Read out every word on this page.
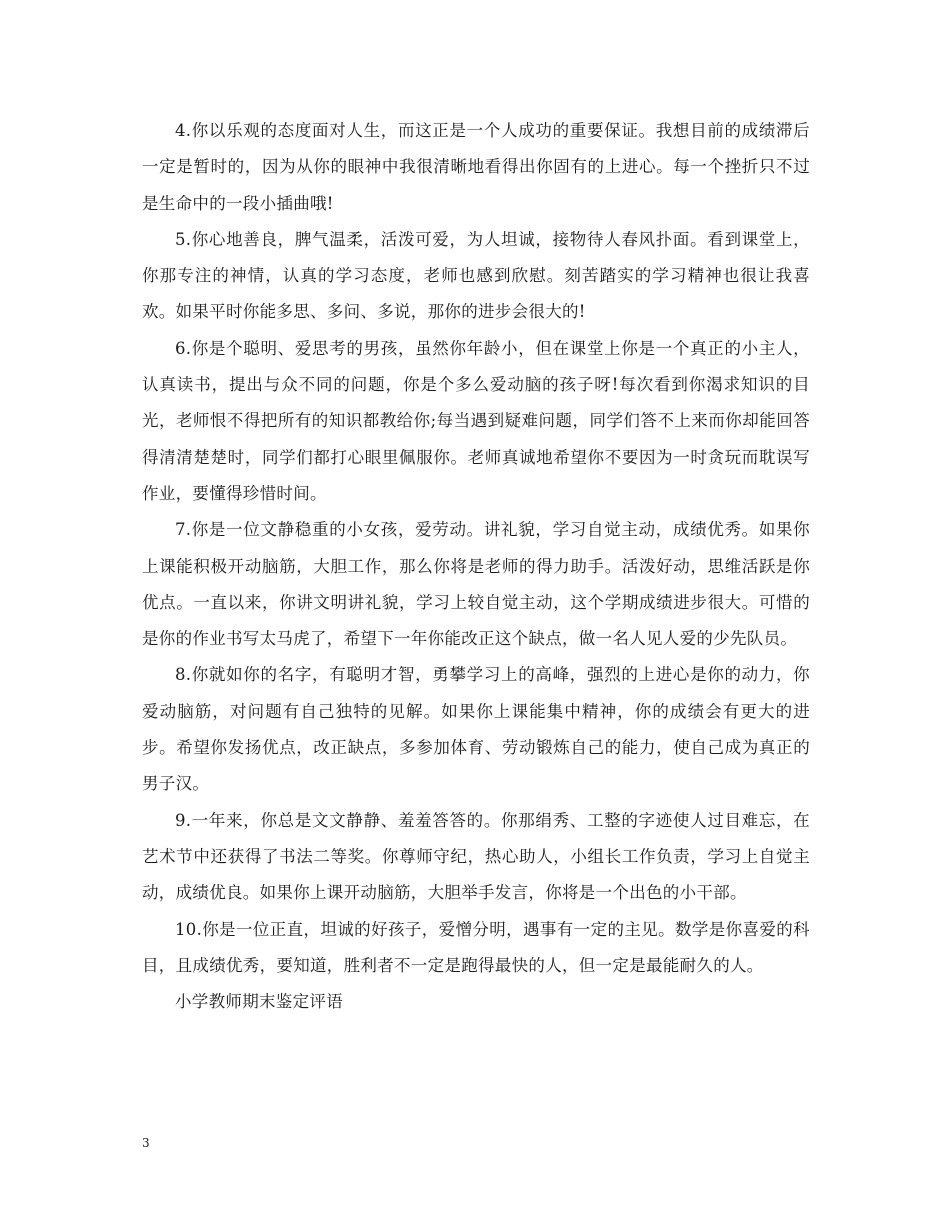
4.你以乐观的态度面对人生，而这正是一个人成功的重要保证。我想目前的成绩滞后一定是暂时的，因为从你的眼神中我很清晰地看得出你固有的上进心。每一个挫折只不过是生命中的一段小插曲哦!

5.你心地善良，脾气温柔，活泼可爱，为人坦诚，接物待人春风扑面。看到课堂上，你那专注的神情，认真的学习态度，老师也感到欣慰。刻苦踏实的学习精神也很让我喜欢。如果平时你能多思、多问、多说，那你的进步会很大的!

6.你是个聪明、爱思考的男孩，虽然你年龄小，但在课堂上你是一个真正的小主人，认真读书，提出与众不同的问题，你是个多么爱动脑的孩子呀!每次看到你渴求知识的目光，老师恨不得把所有的知识都教给你;每当遇到疑难问题，同学们答不上来而你却能回答得清清楚楚时，同学们都打心眼里佩服你。老师真诚地希望你不要因为一时贪玩而耽误写作业，要懂得珍惜时间。

7.你是一位文静稳重的小女孩，爱劳动。讲礼貌，学习自觉主动，成绩优秀。如果你上课能积极开动脑筋，大胆工作，那么你将是老师的得力助手。活泼好动，思维活跃是你优点。一直以来，你讲文明讲礼貌，学习上较自觉主动，这个学期成绩进步很大。可惜的是你的作业书写太马虎了，希望下一年你能改正这个缺点，做一名人见人爱的少先队员。

8.你就如你的名字，有聪明才智，勇攀学习上的高峰，强烈的上进心是你的动力，你爱动脑筋，对问题有自己独特的见解。如果你上课能集中精神，你的成绩会有更大的进步。希望你发扬优点，改正缺点，多参加体育、劳动锻炼自己的能力，使自己成为真正的男子汉。

9.一年来，你总是文文静静、羞羞答答的。你那绢秀、工整的字迹使人过目难忘，在艺术节中还获得了书法二等奖。你尊师守纪，热心助人，小组长工作负责，学习上自觉主动，成绩优良。如果你上课开动脑筋，大胆举手发言，你将是一个出色的小干部。

10.你是一位正直，坦诚的好孩子，爱憎分明，遇事有一定的主见。数学是你喜爱的科目，且成绩优秀，要知道，胜利者不一定是跑得最快的人，但一定是最能耐久的人。

小学教师期末鉴定评语

3
